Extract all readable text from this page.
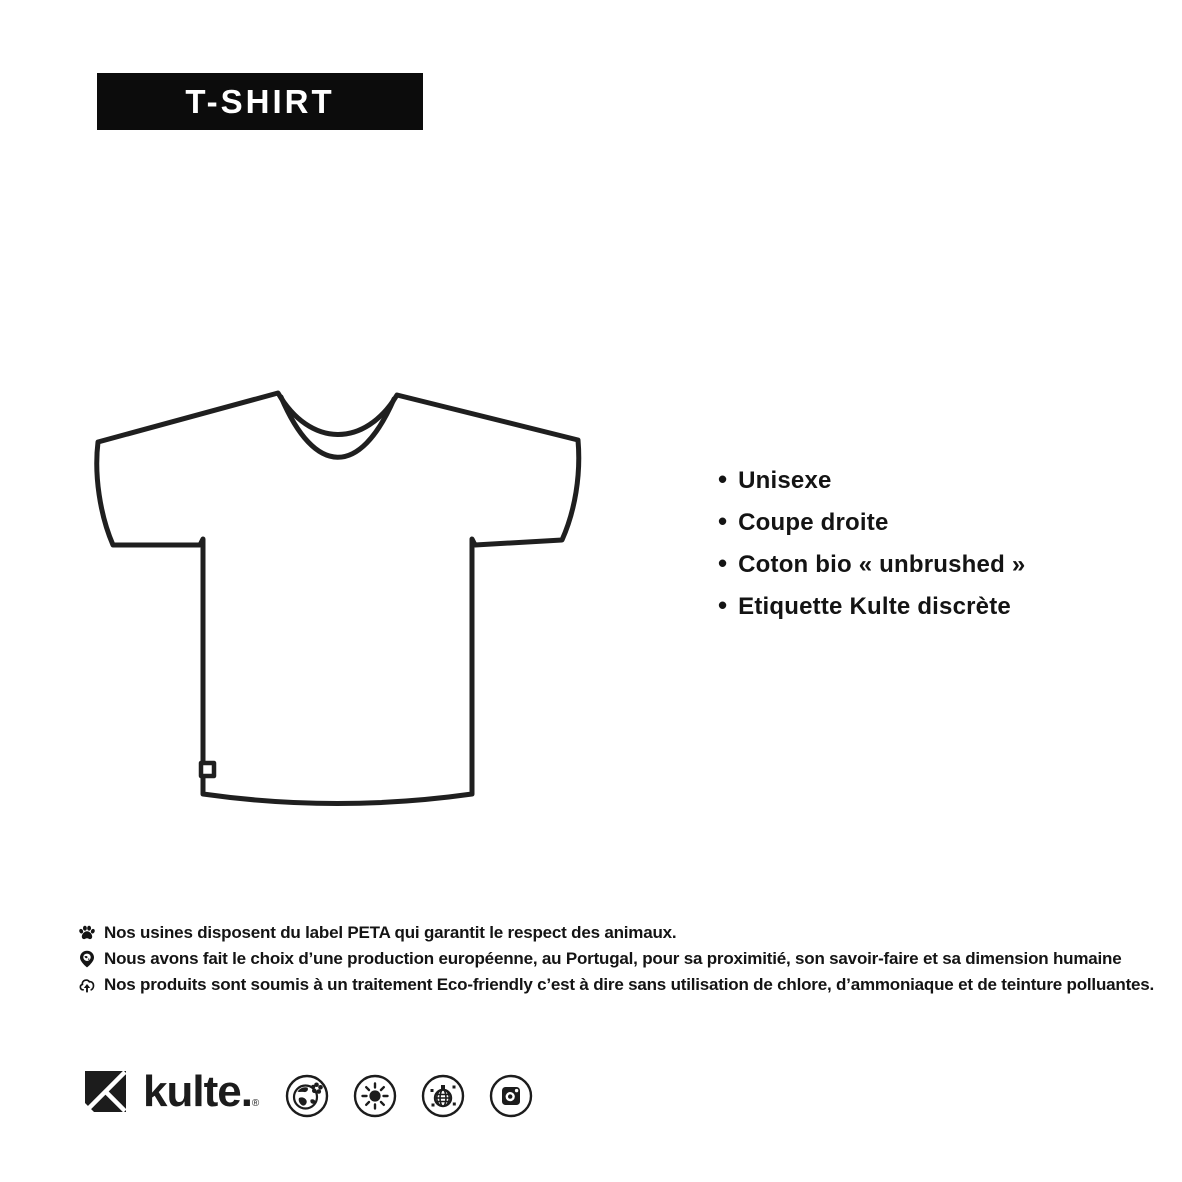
T-SHIRT
• Unisexe
• Coupe droite
• Coton bio « unbrushed »
• Etiquette Kulte discrète
Nos usines disposent du label PETA qui garantit le respect des animaux.
Nous avons fait le choix d’une production européenne, au Portugal, pour sa proximitié, son savoir-faire et sa dimension humaine
Nos produits sont soumis à un traitement Eco-friendly c’est à dire sans utilisation de chlore, d’ammoniaque et de teinture polluantes.
kulte.®
